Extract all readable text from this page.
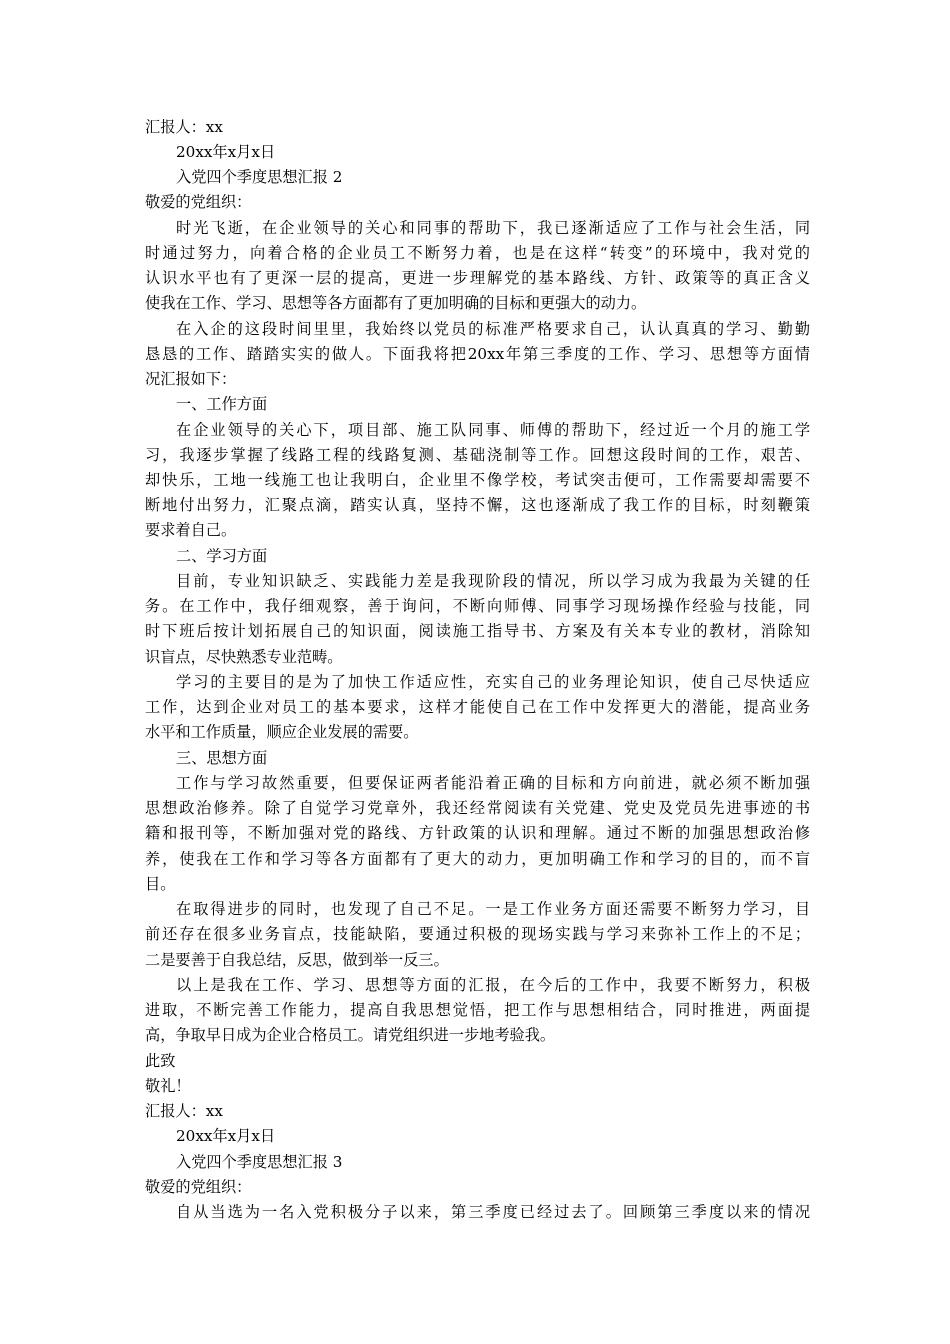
汇报人：xx
20xx年x月x日
入党四个季度思想汇报 2
敬爱的党组织：
时光飞逝，在企业领导的关心和同事的帮助下，我已逐渐适应了工作与社会生活，同
时通过努力，向着合格的企业员工不断努力着，也是在这样“转变”的环境中，我对党的
认识水平也有了更深一层的提高，更进一步理解党的基本路线、方针、政策等的真正含义
使我在工作、学习、思想等各方面都有了更加明确的目标和更强大的动力。
在入企的这段时间里里，我始终以党员的标准严格要求自己，认认真真的学习、勤勤
恳恳的工作、踏踏实实的做人。下面我将把20xx年第三季度的工作、学习、思想等方面情
况汇报如下：
一、工作方面
在企业领导的关心下，项目部、施工队同事、师傅的帮助下，经过近一个月的施工学
习，我逐步掌握了线路工程的线路复测、基础浇制等工作。回想这段时间的工作，艰苦、
却快乐，工地一线施工也让我明白，企业里不像学校，考试突击便可，工作需要却需要不
断地付出努力，汇聚点滴，踏实认真，坚持不懈，这也逐渐成了我工作的目标，时刻鞭策
要求着自己。
二、学习方面
目前，专业知识缺乏、实践能力差是我现阶段的情况，所以学习成为我最为关键的任
务。在工作中，我仔细观察，善于询问，不断向师傅、同事学习现场操作经验与技能，同
时下班后按计划拓展自己的知识面，阅读施工指导书、方案及有关本专业的教材，消除知
识盲点，尽快熟悉专业范畴。
学习的主要目的是为了加快工作适应性，充实自己的业务理论知识，使自己尽快适应
工作，达到企业对员工的基本要求，这样才能使自己在工作中发挥更大的潜能，提高业务
水平和工作质量，顺应企业发展的需要。
三、思想方面
工作与学习故然重要，但要保证两者能沿着正确的目标和方向前进，就必须不断加强
思想政治修养。除了自觉学习党章外，我还经常阅读有关党建、党史及党员先进事迹的书
籍和报刊等，不断加强对党的路线、方针政策的认识和理解。通过不断的加强思想政治修
养，使我在工作和学习等各方面都有了更大的动力，更加明确工作和学习的目的，而不盲
目。
在取得进步的同时，也发现了自己不足。一是工作业务方面还需要不断努力学习，目
前还存在很多业务盲点，技能缺陷，要通过积极的现场实践与学习来弥补工作上的不足；
二是要善于自我总结，反思，做到举一反三。
以上是我在工作、学习、思想等方面的汇报，在今后的工作中，我要不断努力，积极
进取，不断完善工作能力，提高自我思想觉悟，把工作与思想相结合，同时推进，两面提
高，争取早日成为企业合格员工。请党组织进一步地考验我。
此致
敬礼！
汇报人：xx
20xx年x月x日
入党四个季度思想汇报 3
敬爱的党组织：
自从当选为一名入党积极分子以来，第三季度已经过去了。回顾第三季度以来的情况
